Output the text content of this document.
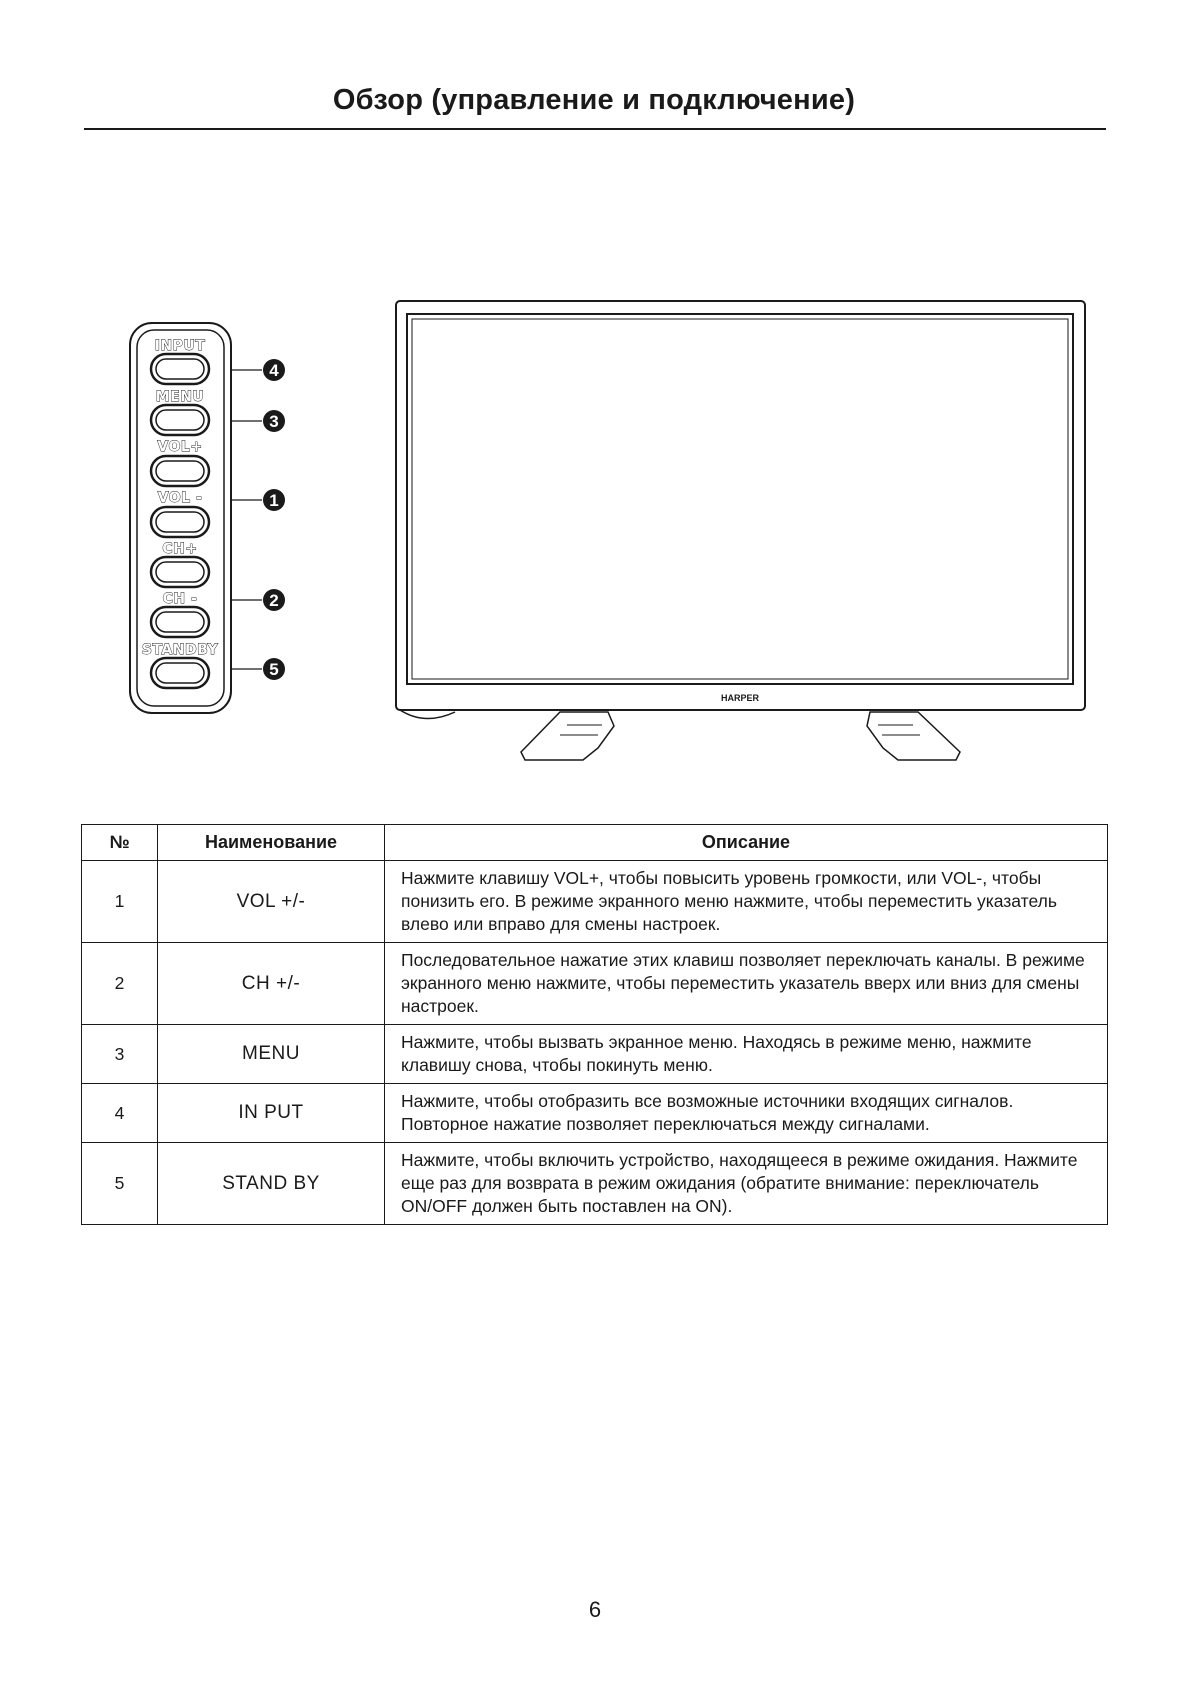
Обзор (управление и подключение)
INPUT
MENU
VOL+
VOL -
CH+
CH -
STANDBY
4
3
1
2
5
HARPER
№	Наименование	Описание
1	VOL +/-	Нажмите клавишу VOL+, чтобы повысить уровень громкости, или VOL-, чтобы понизить его. В режиме экранного меню нажмите, чтобы переместить указатель влево или вправо для смены настроек.
2	CH +/-	Последовательное нажатие этих клавиш позволяет переключать каналы. В режиме экранного меню нажмите, чтобы переместить указатель вверх или вниз для смены настроек.
3	MENU	Нажмите, чтобы вызвать экранное меню. Находясь в режиме меню, нажмите клавишу снова, чтобы покинуть меню.
4	IN PUT	Нажмите, чтобы отобразить все возможные источники входящих сигналов. Повторное нажатие позволяет переключаться между сигналами.
5	STAND BY	Нажмите, чтобы включить устройство, находящееся в режиме ожидания. Нажмите еще раз для возврата в режим ожидания (обратите внимание: переключатель ON/OFF должен быть поставлен на ON).
6
